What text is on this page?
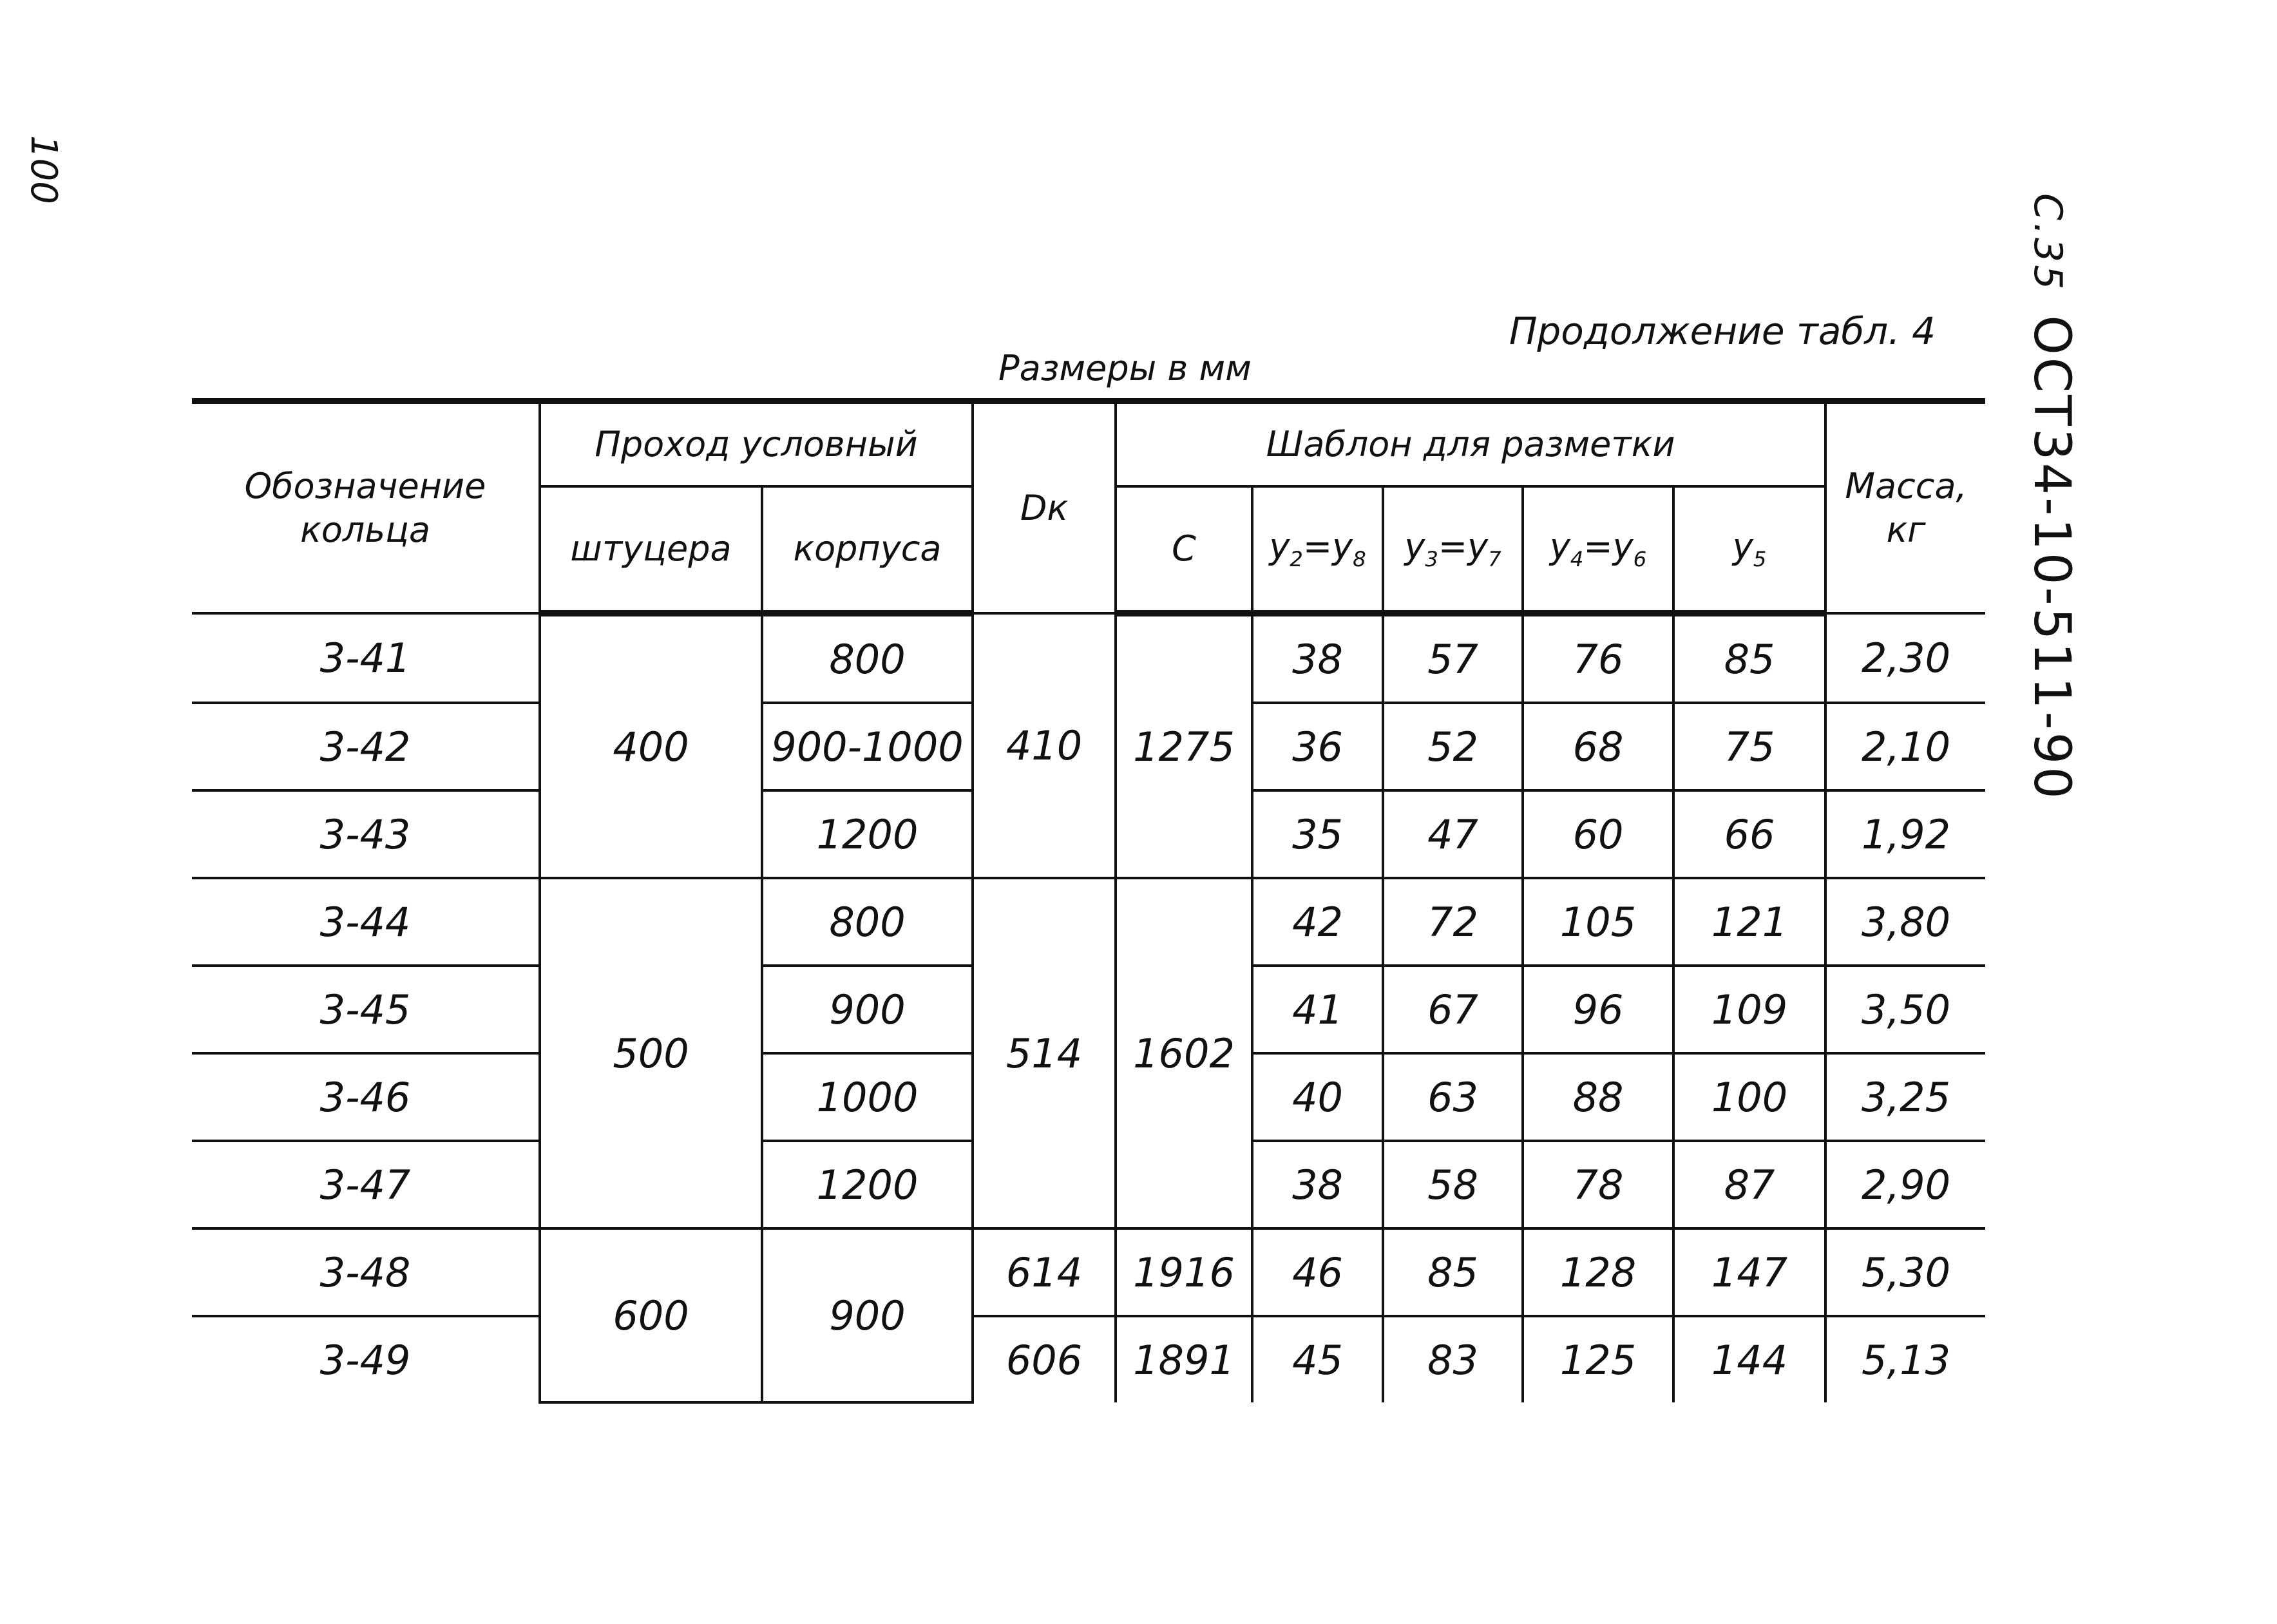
100
С.35ОСТ34-10-511-90
Продолжение табл. 4
Размеры в мм
Обозначение кольца	Проход условный		Dк	Шаблон для разметки					Масса, кг
	штуцера	корпуса		С	$y_2=y_8$	$y_3=y_7$	$y_4=y_6$	$y_5$
3-41	400	800	410	1275	38	57	76	85	2,30
3-42		900-1000			36	52	68	75	2,10
3-43		1200			35	47	60	66	1,92
3-44	500	800	514	1602	42	72	105	121	3,80
3-45		900			41	67	96	109	3,50
3-46		1000			40	63	88	100	3,25
3-47		1200			38	58	78	87	2,90
3-48	600	900	614	1916	46	85	128	147	5,30
3-49			606	1891	45	83	125	144	5,13
